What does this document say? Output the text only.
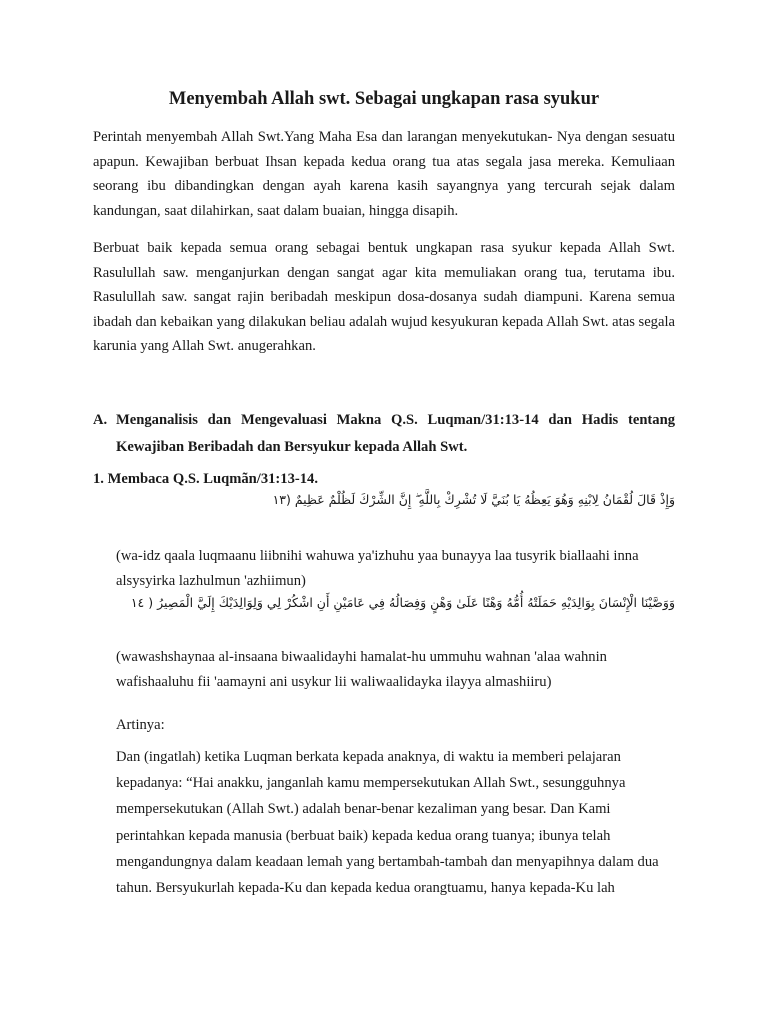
Menyembah Allah swt. Sebagai ungkapan rasa syukur

Perintah menyembah Allah Swt.Yang Maha Esa dan larangan menyekutukan- Nya dengan sesuatu apapun. Kewajiban berbuat Ihsan kepada kedua orang tua atas segala jasa mereka. Kemuliaan seorang ibu dibandingkan dengan ayah karena kasih sayangnya yang tercurah sejak dalam kandungan, saat dilahirkan, saat dalam buaian, hingga disapih.

Berbuat baik kepada semua orang sebagai bentuk ungkapan rasa syukur kepada Allah Swt. Rasulullah saw. menganjurkan dengan sangat agar kita memuliakan orang tua, terutama ibu. Rasulullah saw. sangat rajin beribadah meskipun dosa-dosanya sudah diampuni. Karena semua ibadah dan kebaikan yang dilakukan beliau adalah wujud kesyukuran kepada Allah Swt. atas segala karunia yang Allah Swt. anugerahkan.

A. Menganalisis dan Mengevaluasi Makna Q.S. Luqman/31:13-14 dan Hadis tentang Kewajiban Beribadah dan Bersyukur kepada Allah Swt.

1. Membaca Q.S. Luqmãn/31:13-14.

وَإِذْ قَالَ لُقْمَانُ لِابْنِهِ وَهُوَ يَعِظُهُ يَا بُنَيَّ لَا تُشْرِكْ بِاللَّهِ ۖ إِنَّ الشِّرْكَ لَظُلْمٌ عَظِيمٌ (١٣

(wa-idz qaala luqmaanu liibnihi wahuwa ya'izhuhu yaa bunayya laa tusyrik biallaahi inna alsysyirka lazhulmun 'azhiimun)

وَوَصَّيْنَا الْإِنْسَانَ بِوَالِدَيْهِ حَمَلَتْهُ أُمُّهُ وَهْنًا عَلَىٰ وَهْنٍ وَفِصَالُهُ فِي عَامَيْنِ أَنِ اشْكُرْ لِي وَلِوَالِدَيْكَ إِلَيَّ الْمَصِيرُ ( ١٤

(wawashshaynaa al-insaana biwaalidayhi hamalat-hu ummuhu wahnan 'alaa wahnin wafishaaluhu fii 'aamayni ani usykur lii waliwaalidayka ilayya almashiiru)

Artinya:

Dan (ingatlah) ketika Luqman berkata kepada anaknya, di waktu ia memberi pelajaran kepadanya: “Hai anakku, janganlah kamu mempersekutukan Allah Swt., sesungguhnya mempersekutukan (Allah Swt.) adalah benar-benar kezaliman yang besar. Dan Kami perintahkan kepada manusia (berbuat baik) kepada kedua orang tuanya; ibunya telah mengandungnya dalam keadaan lemah yang bertambah-tambah dan menyapihnya dalam dua tahun. Bersyukurlah kepada-Ku dan kepada kedua orangtuamu, hanya kepada-Ku lah
